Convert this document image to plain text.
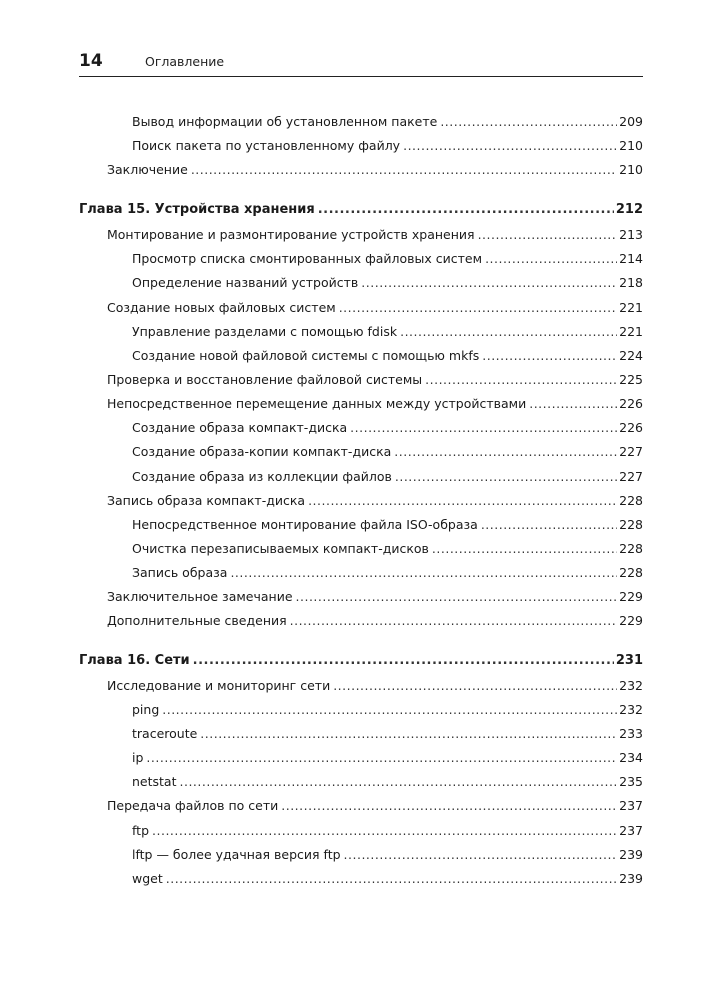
14	Оглавление
Вывод информации об установленном пакете .....	209
Поиск пакета по установленному файлу .....	210
Заключение .....	210
Глава 15. Устройства хранения .....	212
Монтирование и размонтирование устройств хранения .....	213
Просмотр списка смонтированных файловых систем .....	214
Определение названий устройств .....	218
Создание новых файловых систем .....	221
Управление разделами с помощью fdisk .....	221
Создание новой файловой системы с помощью mkfs .....	224
Проверка и восстановление файловой системы .....	225
Непосредственное перемещение данных между устройствами .....	226
Создание образа компакт-диска .....	226
Создание образа-копии компакт-диска .....	227
Создание образа из коллекции файлов .....	227
Запись образа компакт-диска .....	228
Непосредственное монтирование файла ISO-образа .....	228
Очистка перезаписываемых компакт-дисков .....	228
Запись образа .....	228
Заключительное замечание .....	229
Дополнительные сведения .....	229
Глава 16. Сети .....	231
Исследование и мониторинг сети .....	232
ping .....	232
traceroute .....	233
ip .....	234
netstat .....	235
Передача файлов по сети .....	237
ftp .....	237
lftp — более удачная версия ftp .....	239
wget .....	239
